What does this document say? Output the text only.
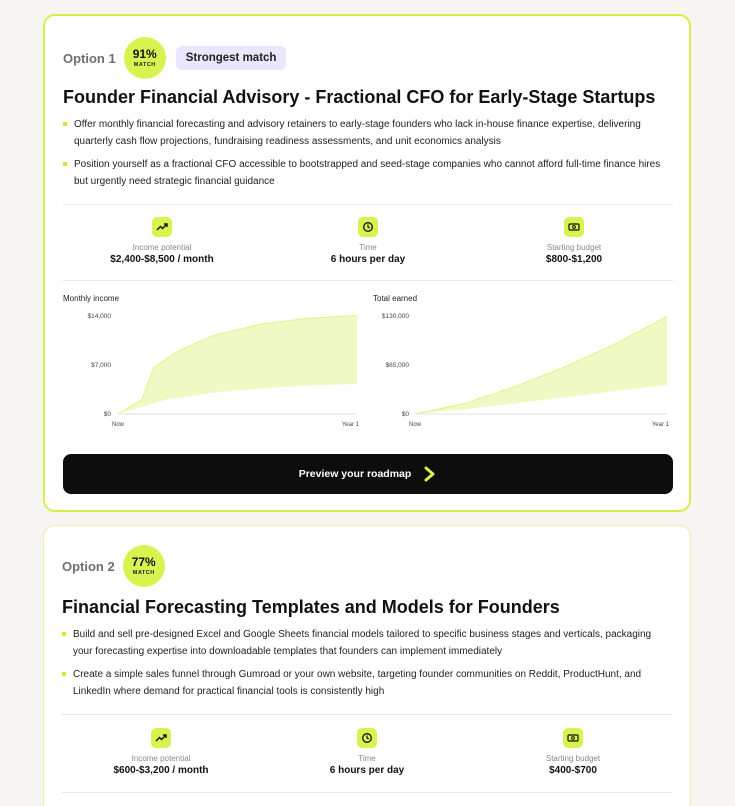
Option 1 91%
MATCH
Strongest match
Founder Financial Advisory - Fractional CFO for Early-Stage Startups
Offer monthly financial forecasting and advisory retainers to early-stage founders who lack in-house finance expertise, delivering quarterly cash flow projections, fundraising readiness assessments, and unit economics analysis
Position yourself as a fractional CFO accessible to bootstrapped and seed-stage companies who cannot afford full-time finance hires but urgently need strategic financial guidance
Income potential
$2,400-$8,500 / month
Time
6 hours per day
Starting budget
$800-$1,200
Monthly income
$14,000
$7,000
$0
Now	Year 1
Total earned
$130,000
$65,000
$0
Now	Year 1
Preview your roadmap
Option 2 77%
MATCH
Financial Forecasting Templates and Models for Founders
Build and sell pre-designed Excel and Google Sheets financial models tailored to specific business stages and verticals, packaging your forecasting expertise into downloadable templates that founders can implement immediately
Create a simple sales funnel through Gumroad or your own website, targeting founder communities on Reddit, ProductHunt, and LinkedIn where demand for practical financial tools is consistently high
Income potential
$600-$3,200 / month
Time
6 hours per day
Starting budget
$400-$700
